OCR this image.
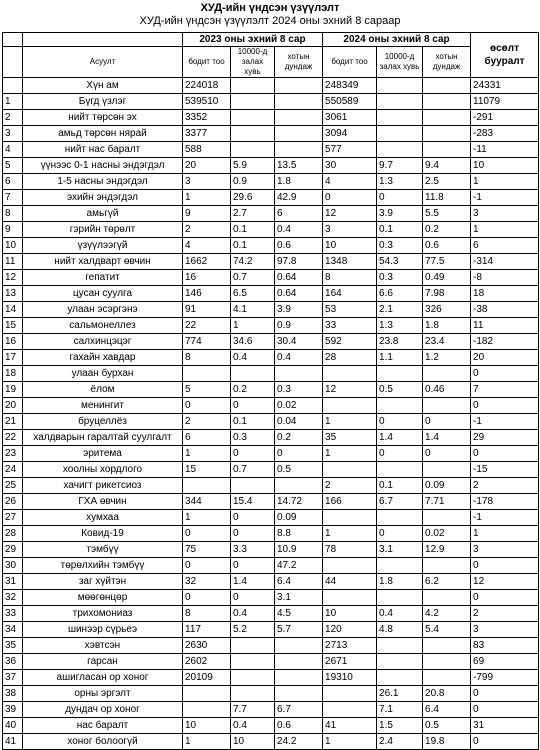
ХУД-ийн үндсэн үзүүлэлт
ХУД-ийн үндсэн үзүүлэлт 2024 оны эхний 8 сараар
		2023 оны эхний 8 сар			2024 оны эхний 8 сар			өсөлт бууралт
	Асуулт	бодит тоо	10000-д залах хувь	хотын дундаж	бодит тоо	10000-д залах хувь	хотын дундаж	
	Хүн ам	224018			248349			24331
1	Бүгд үзлэг	539510			550589			11079
2	нийт төрсөн эх	3352			3061			-291
3	амьд төрсөн нярай	3377			3094			-283
4	нийт нас баралт	588			577			-11
5	үүнээс 0-1 насны эндэгдэл	20	5.9	13.5	30	9.7	9.4	10
6	1-5 насны эндэгдэл	3	0.9	1.8	4	1.3	2.5	1
7	эхийн эндэгдэл	1	29.6	42.9	0	0	11.8	-1
8	амьгүй	9	2.7	6	12	3.9	5.5	3
9	гэрийн төрөлт	2	0.1	0.4	3	0.1	0.2	1
10	үзүүлээгүй	4	0.1	0.6	10	0.3	0.6	6
11	нийт халдварт өвчин	1662	74.2	97.8	1348	54.3	77.5	-314
12	гепатит	16	0.7	0.64	8	0.3	0.49	-8
13	цусан суулга	146	6.5	0.64	164	6.6	7.98	18
14	улаан эсэргэнэ	91	4.1	3.9	53	2.1	326	-38
15	сальмонеллез	22	1	0.9	33	1.3	1.8	11
16	салхинцэцэг	774	34.6	30.4	592	23.8	23.4	-182
17	гахайн хавдар	8	0.4	0.4	28	1.1	1.2	20
18	улаан бурхан							0
19	ёлом	5	0.2	0.3	12	0.5	0.46	7
20	менингит	0	0	0.02				0
21	бруцеллёз	2	0.1	0.04	1	0	0	-1
22	халдварын гаралтай суулгалт	6	0.3	0.2	35	1.4	1.4	29
23	эритема	1	0	0	1	0	0	0
24	хоолны хордлого	15	0.7	0.5				-15
25	хачигт рикетсиоз				2	0.1	0.09	2
26	ГХА өвчин	344	15.4	14.72	166	6.7	7.71	-178
27	хумхаа	1	0	0.09				-1
28	Ковид-19	0	0	8.8	1	0	0.02	1
29	тэмбүү	75	3.3	10.9	78	3.1	12.9	3
30	төрөлхийн тэмбүү	0	0	47.2				0
31	заг хүйтэн	32	1.4	6.4	44	1.8	6.2	12
32	мөөгөнцөр	0	0	3.1				0
33	трихомониаз	8	0.4	4.5	10	0.4	4.2	2
34	шинээр сүрьеэ	117	5.2	5.7	120	4.8	5.4	3
35	хэвтсэн	2630			2713			83
36	гарсан	2602			2671			69
37	ашигласан ор хоног	20109			19310			-799
38	орны эргэлт					26.1	20.8	0
39	дундач ор хоног		7.7	6.7		7.1	6.4	0
40	нас баралт	10	0.4	0.6	41	1.5	0.5	31
41	хоног болоогүй	1	10	24.2	1	2.4	19.8	0
